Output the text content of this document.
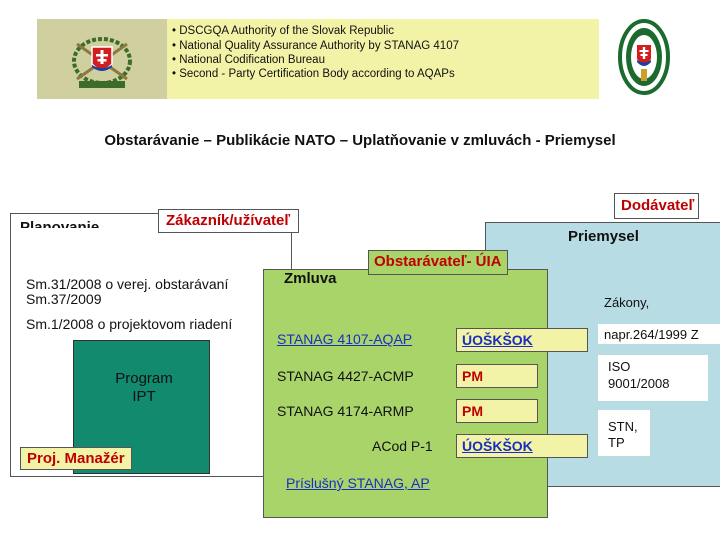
• DSCGQA Authority of the Slovak Republic
• National Quality Assurance Authority by STANAG 4107
• National Codification Bureau
• Second - Party Certification Body according to AQAPs
Obstarávanie – Publikácie NATO – Uplatňovanie v zmluvách - Priemysel
Zákazník/užívateľ
Sm.31/2008 o verej. obstarávaní
Sm.37/2009
Sm.1/2008 o projektovom riadení
Program
IPT
Proj. Manažér
Dodávateľ
Priemysel
Zákony,
napr.264/1999 Z
ISO
9001/2008
STN,
TP
Obstarávateľ- ÚIA
Zmluva
STANAG 4107-AQAP	ÚOŠKŠOK
STANAG 4427-ACMP	PM
STANAG 4174-ARMP	PM
ACod P-1	ÚOŠKŠOK
Príslušný STANAG, AP
